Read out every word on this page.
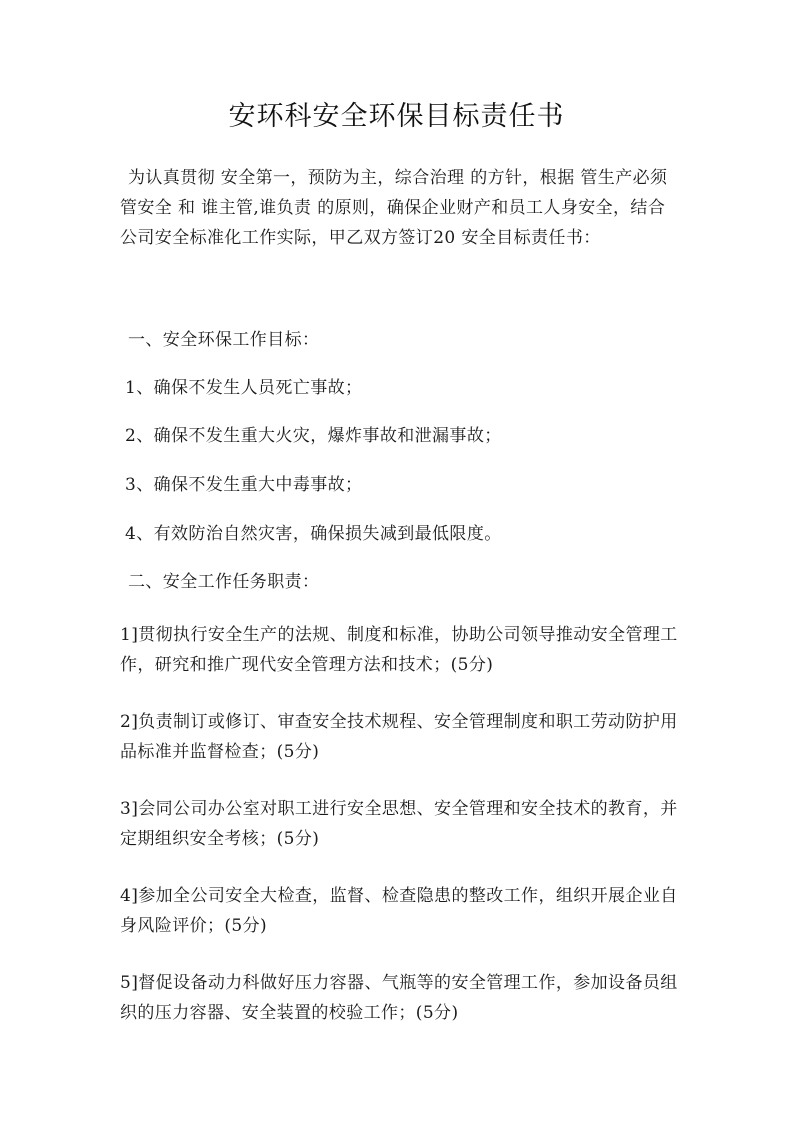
安环科安全环保目标责任书

为认真贯彻 安全第一，预防为主，综合治理 的方针，根据 管生产必须管安全 和 谁主管,谁负责 的原则，确保企业财产和员工人身安全，结合公司安全标准化工作实际，甲乙双方签订20 安全目标责任书：

一、安全环保工作目标：

1、确保不发生人员死亡事故；

2、确保不发生重大火灾，爆炸事故和泄漏事故；

3、确保不发生重大中毒事故；

4、有效防治自然灾害，确保损失减到最低限度。

二、安全工作任务职责：

1]贯彻执行安全生产的法规、制度和标准，协助公司领导推动安全管理工作，研究和推广现代安全管理方法和技术；(5分)

2]负责制订或修订、审查安全技术规程、安全管理制度和职工劳动防护用品标准并监督检查；(5分)

3]会同公司办公室对职工进行安全思想、安全管理和安全技术的教育，并定期组织安全考核；(5分)

4]参加全公司安全大检查，监督、检查隐患的整改工作，组织开展企业自身风险评价；(5分)

5]督促设备动力科做好压力容器、气瓶等的安全管理工作，参加设备员组织的压力容器、安全装置的校验工作；(5分)
